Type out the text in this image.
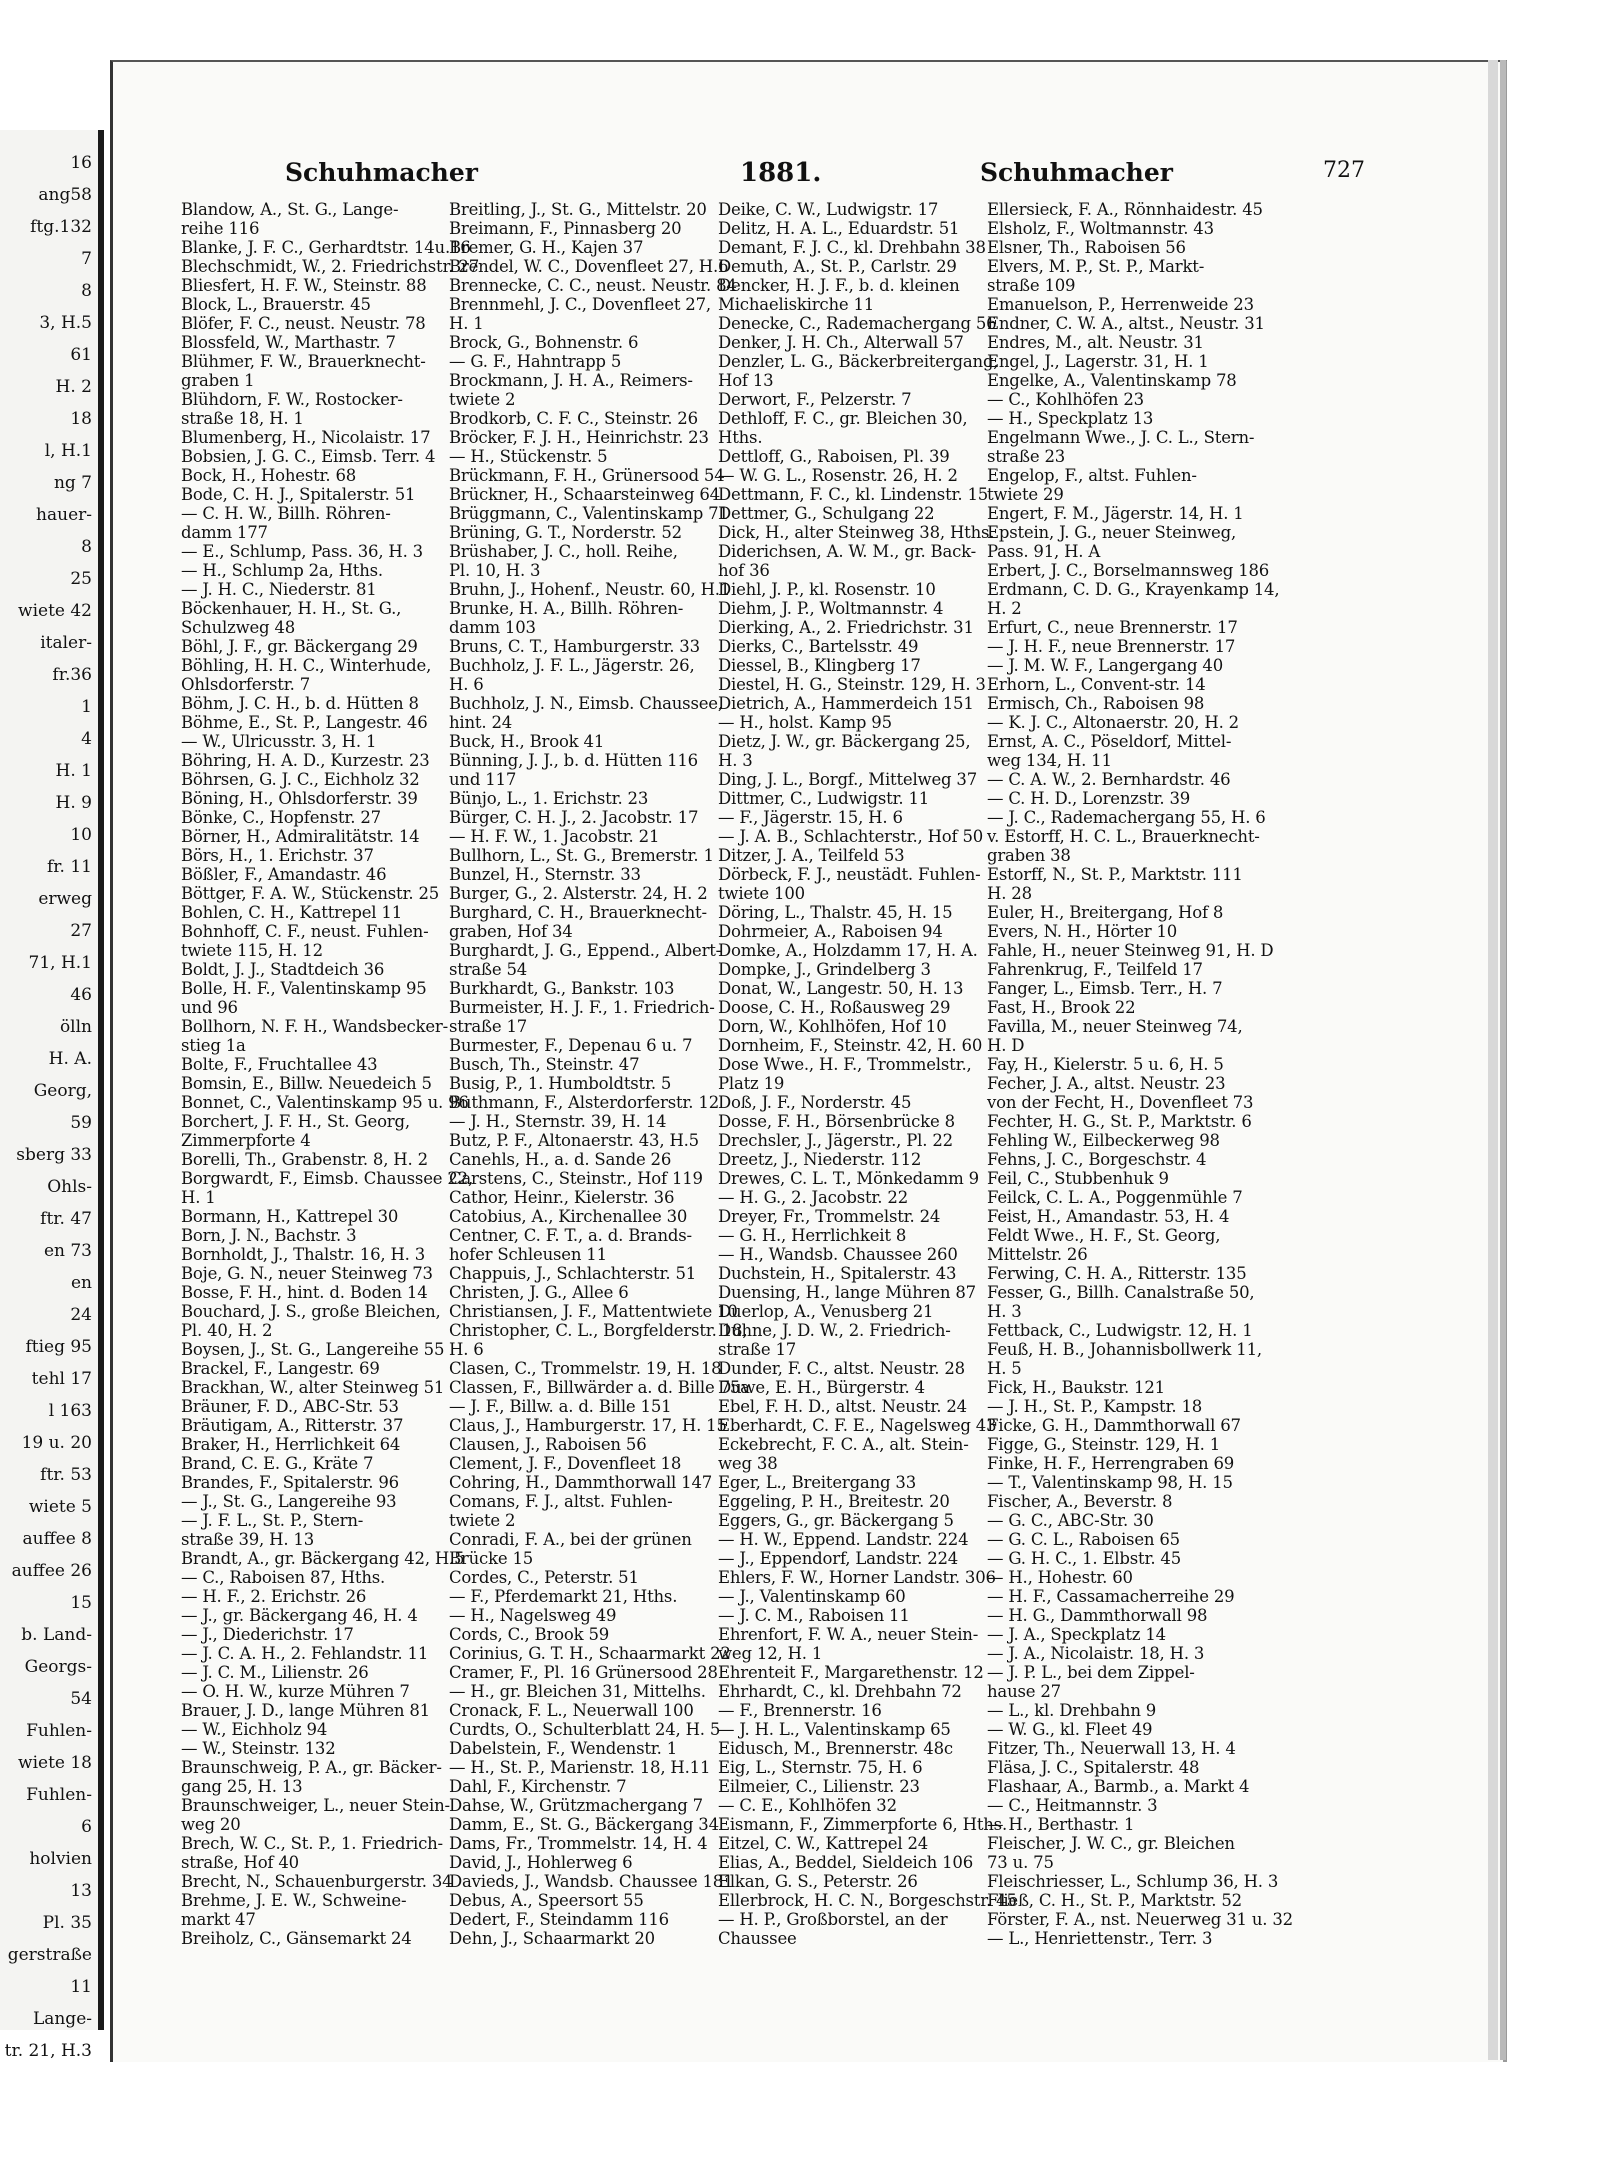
16
ang58
ftg.132
7
8
3, H.5
61
H. 2
18
l, H.1
ng 7
hauer-
8
25
wiete 42
italer-
fr.36
1
4
H. 1
H. 9
10
fr. 11
erweg
27
71, H.1
46
ölln
H. A.
Georg,
59
sberg 33
Ohls-
ftr. 47
en 73
en
24
ftieg 95
tehl 17
l 163
19 u. 20
ftr. 53
wiete 5
auffee 8
auffee 26
15
b. Land-
Georgs-
54
Fuhlen-
wiete 18
Fuhlen-
6
holvien
13
Pl. 35
gerstraße
11
Lange-
tr. 21, H.3
Schuhmacher	1881.	Schuhmacher	727
Blandow, A., St. G., Lange-
reihe 116
Blanke, J. F. C., Gerhardtstr. 14u.16
Blechschmidt, W., 2. Friedrichstr. 27
Bliesfert, H. F. W., Steinstr. 88
Block, L., Brauerstr. 45
Blöfer, F. C., neust. Neustr. 78
Blossfeld, W., Marthastr. 7
Blühmer, F. W., Brauerknecht-
graben 1
Blühdorn, F. W., Rostocker-
straße 18, H. 1
Blumenberg, H., Nicolaistr. 17
Bobsien, J. G. C., Eimsb. Terr. 4
Bock, H., Hohestr. 68
Bode, C. H. J., Spitalerstr. 51
— C. H. W., Billh. Röhren-
damm 177
— E., Schlump, Pass. 36, H. 3
— H., Schlump 2a, Hths.
— J. H. C., Niederstr. 81
Böckenhauer, H. H., St. G.,
Schulzweg 48
Böhl, J. F., gr. Bäckergang 29
Böhling, H. H. C., Winterhude,
Ohlsdorferstr. 7
Böhm, J. C. H., b. d. Hütten 8
Böhme, E., St. P., Langestr. 46
— W., Ulricusstr. 3, H. 1
Böhring, H. A. D., Kurzestr. 23
Böhrsen, G. J. C., Eichholz 32
Böning, H., Ohlsdorferstr. 39
Bönke, C., Hopfenstr. 27
Börner, H., Admiralitätstr. 14
Börs, H., 1. Erichstr. 37
Bößler, F., Amandastr. 46
Böttger, F. A. W., Stückenstr. 25
Bohlen, C. H., Kattrepel 11
Bohnhoff, C. F., neust. Fuhlen-
twiete 115, H. 12
Boldt, J. J., Stadtdeich 36
Bolle, H. F., Valentinskamp 95
und 96
Bollhorn, N. F. H., Wandsbecker-
stieg 1a
Bolte, F., Fruchtallee 43
Bomsin, E., Billw. Neuedeich 5
Bonnet, C., Valentinskamp 95 u. 96
Borchert, J. F. H., St. Georg,
Zimmerpforte 4
Borelli, Th., Grabenstr. 8, H. 2
Borgwardt, F., Eimsb. Chaussee 22,
H. 1
Bormann, H., Kattrepel 30
Born, J. N., Bachstr. 3
Bornholdt, J., Thalstr. 16, H. 3
Boje, G. N., neuer Steinweg 73
Bosse, F. H., hint. d. Boden 14
Bouchard, J. S., große Bleichen,
Pl. 40, H. 2
Boysen, J., St. G., Langereihe 55
Brackel, F., Langestr. 69
Brackhan, W., alter Steinweg 51
Bräuner, F. D., ABC-Str. 53
Bräutigam, A., Ritterstr. 37
Braker, H., Herrlichkeit 64
Brand, C. E. G., Kräte 7
Brandes, F., Spitalerstr. 96
— J., St. G., Langereihe 93
— J. F. L., St. P., Stern-
straße 39, H. 13
Brandt, A., gr. Bäckergang 42, H.5
— C., Raboisen 87, Hths.
— H. F., 2. Erichstr. 26
— J., gr. Bäckergang 46, H. 4
— J., Diederichstr. 17
— J. C. A. H., 2. Fehlandstr. 11
— J. C. M., Lilienstr. 26
— O. H. W., kurze Mühren 7
Brauer, J. D., lange Mühren 81
— W., Eichholz 94
— W., Steinstr. 132
Braunschweig, P. A., gr. Bäcker-
gang 25, H. 13
Braunschweiger, L., neuer Stein-
weg 20
Brech, W. C., St. P., 1. Friedrich-
straße, Hof 40
Brecht, N., Schauenburgerstr. 34
Brehme, J. E. W., Schweine-
markt 47
Breiholz, C., Gänsemarkt 24
Breitling, J., St. G., Mittelstr. 20
Breimann, F., Pinnasberg 20
Bremer, G. H., Kajen 37
Brendel, W. C., Dovenfleet 27, H.6
Brennecke, C. C., neust. Neustr. 84
Brennmehl, J. C., Dovenfleet 27,
H. 1
Brock, G., Bohnenstr. 6
— G. F., Hahntrapp 5
Brockmann, J. H. A., Reimers-
twiete 2
Brodkorb, C. F. C., Steinstr. 26
Bröcker, F. J. H., Heinrichstr. 23
— H., Stückenstr. 5
Brückmann, F. H., Grünersood 54
Brückner, H., Schaarsteinweg 64
Brüggmann, C., Valentinskamp 71
Brüning, G. T., Norderstr. 52
Brüshaber, J. C., holl. Reihe,
Pl. 10, H. 3
Bruhn, J., Hohenf., Neustr. 60, H.1
Brunke, H. A., Billh. Röhren-
damm 103
Bruns, C. T., Hamburgerstr. 33
Buchholz, J. F. L., Jägerstr. 26,
H. 6
Buchholz, J. N., Eimsb. Chaussee,
hint. 24
Buck, H., Brook 41
Bünning, J. J., b. d. Hütten 116
und 117
Bünjo, L., 1. Erichstr. 23
Bürger, C. H. J., 2. Jacobstr. 17
— H. F. W., 1. Jacobstr. 21
Bullhorn, L., St. G., Bremerstr. 1
Bunzel, H., Sternstr. 33
Burger, G., 2. Alsterstr. 24, H. 2
Burghard, C. H., Brauerknecht-
graben, Hof 34
Burghardt, J. G., Eppend., Albert-
straße 54
Burkhardt, G., Bankstr. 103
Burmeister, H. J. F., 1. Friedrich-
straße 17
Burmester, F., Depenau 6 u. 7
Busch, Th., Steinstr. 47
Busig, P., 1. Humboldtstr. 5
Buthmann, F., Alsterdorferstr. 12
— J. H., Sternstr. 39, H. 14
Butz, P. F., Altonaerstr. 43, H.5
Canehls, H., a. d. Sande 26
Carstens, C., Steinstr., Hof 119
Cathor, Heinr., Kielerstr. 36
Catobius, A., Kirchenallee 30
Centner, C. F. T., a. d. Brands-
hofer Schleusen 11
Chappuis, J., Schlachterstr. 51
Christen, J. G., Allee 6
Christiansen, J. F., Mattentwiete 10
Christopher, C. L., Borgfelderstr. 18,
H. 6
Clasen, C., Trommelstr. 19, H. 18
Classen, F., Billwärder a. d. Bille 75a
— J. F., Billw. a. d. Bille 151
Claus, J., Hamburgerstr. 17, H. 15
Clausen, J., Raboisen 56
Clement, J. F., Dovenfleet 18
Cohring, H., Dammthorwall 147
Comans, F. J., altst. Fuhlen-
twiete 2
Conradi, F. A., bei der grünen
Brücke 15
Cordes, C., Peterstr. 51
— F., Pferdemarkt 21, Hths.
— H., Nagelsweg 49
Cords, C., Brook 59
Corinius, G. T. H., Schaarmarkt 22
Cramer, F., Pl. 16 Grünersood 28
— H., gr. Bleichen 31, Mittelhs.
Cronack, F. L., Neuerwall 100
Curdts, O., Schulterblatt 24, H. 5
Dabelstein, F., Wendenstr. 1
— H., St. P., Marienstr. 18, H.11
Dahl, F., Kirchenstr. 7
Dahse, W., Grützmachergang 7
Damm, E., St. G., Bäckergang 34
Dams, Fr., Trommelstr. 14, H. 4
David, J., Hohlerweg 6
Davieds, J., Wandsb. Chaussee 181
Debus, A., Speersort 55
Dedert, F., Steindamm 116
Dehn, J., Schaarmarkt 20
Deike, C. W., Ludwigstr. 17
Delitz, H. A. L., Eduardstr. 51
Demant, F. J. C., kl. Drehbahn 38
Demuth, A., St. P., Carlstr. 29
Dencker, H. J. F., b. d. kleinen
Michaeliskirche 11
Denecke, C., Rademachergang 56
Denker, J. H. Ch., Alterwall 57
Denzler, L. G., Bäckerbreitergang,
Hof 13
Derwort, F., Pelzerstr. 7
Dethloff, F. C., gr. Bleichen 30,
Hths.
Dettloff, G., Raboisen, Pl. 39
— W. G. L., Rosenstr. 26, H. 2
Dettmann, F. C., kl. Lindenstr. 15
Dettmer, G., Schulgang 22
Dick, H., alter Steinweg 38, Hths.
Diderichsen, A. W. M., gr. Back-
hof 36
Diehl, J. P., kl. Rosenstr. 10
Diehm, J. P., Woltmannstr. 4
Dierking, A., 2. Friedrichstr. 31
Dierks, C., Bartelsstr. 49
Diessel, B., Klingberg 17
Diestel, H. G., Steinstr. 129, H. 3
Dietrich, A., Hammerdeich 151
— H., holst. Kamp 95
Dietz, J. W., gr. Bäckergang 25,
H. 3
Ding, J. L., Borgf., Mittelweg 37
Dittmer, C., Ludwigstr. 11
— F., Jägerstr. 15, H. 6
— J. A. B., Schlachterstr., Hof 50
Ditzer, J. A., Teilfeld 53
Dörbeck, F. J., neustädt. Fuhlen-
twiete 100
Döring, L., Thalstr. 45, H. 15
Dohrmeier, A., Raboisen 94
Domke, A., Holzdamm 17, H. A.
Dompke, J., Grindelberg 3
Donat, W., Langestr. 50, H. 13
Doose, C. H., Roßausweg 29
Dorn, W., Kohlhöfen, Hof 10
Dornheim, F., Steinstr. 42, H. 60
Dose Wwe., H. F., Trommelstr.,
Platz 19
Doß, J. F., Norderstr. 45
Dosse, F. H., Börsenbrücke 8
Drechsler, J., Jägerstr., Pl. 22
Dreetz, J., Niederstr. 112
Drewes, C. L. T., Mönkedamm 9
— H. G., 2. Jacobstr. 22
Dreyer, Fr., Trommelstr. 24
— G. H., Herrlichkeit 8
— H., Wandsb. Chaussee 260
Duchstein, H., Spitalerstr. 43
Duensing, H., lange Mühren 87
Duerlop, A., Venusberg 21
Duhne, J. D. W., 2. Friedrich-
straße 17
Dunder, F. C., altst. Neustr. 28
Duwe, E. H., Bürgerstr. 4
Ebel, F. H. D., altst. Neustr. 24
Eberhardt, C. F. E., Nagelsweg 43
Eckebrecht, F. C. A., alt. Stein-
weg 38
Eger, L., Breitergang 33
Eggeling, P. H., Breitestr. 20
Eggers, G., gr. Bäckergang 5
— H. W., Eppend. Landstr. 224
— J., Eppendorf, Landstr. 224
Ehlers, F. W., Horner Landstr. 306
— J., Valentinskamp 60
— J. C. M., Raboisen 11
Ehrenfort, F. W. A., neuer Stein-
weg 12, H. 1
Ehrenteit F., Margarethenstr. 12
Ehrhardt, C., kl. Drehbahn 72
— F., Brennerstr. 16
— J. H. L., Valentinskamp 65
Eidusch, M., Brennerstr. 48c
Eig, L., Sternstr. 75, H. 6
Eilmeier, C., Lilienstr. 23
— C. E., Kohlhöfen 32
Eismann, F., Zimmerpforte 6, Hths.
Eitzel, C. W., Kattrepel 24
Elias, A., Beddel, Sieldeich 106
Elkan, G. S., Peterstr. 26
Ellerbrock, H. C. N., Borgeschstr. 45
— H. P., Großborstel, an der
Chaussee
Ellersieck, F. A., Rönnhaidestr. 45
Elsholz, F., Woltmannstr. 43
Elsner, Th., Raboisen 56
Elvers, M. P., St. P., Markt-
straße 109
Emanuelson, P., Herrenweide 23
Endner, C. W. A., altst., Neustr. 31
Endres, M., alt. Neustr. 31
Engel, J., Lagerstr. 31, H. 1
Engelke, A., Valentinskamp 78
— C., Kohlhöfen 23
— H., Speckplatz 13
Engelmann Wwe., J. C. L., Stern-
straße 23
Engelop, F., altst. Fuhlen-
twiete 29
Engert, F. M., Jägerstr. 14, H. 1
Epstein, J. G., neuer Steinweg,
Pass. 91, H. A
Erbert, J. C., Borselmannsweg 186
Erdmann, C. D. G., Krayenkamp 14,
H. 2
Erfurt, C., neue Brennerstr. 17
— J. H. F., neue Brennerstr. 17
— J. M. W. F., Langergang 40
Erhorn, L., Convent-str. 14
Ermisch, Ch., Raboisen 98
— K. J. C., Altonaerstr. 20, H. 2
Ernst, A. C., Pöseldorf, Mittel-
weg 134, H. 11
— C. A. W., 2. Bernhardstr. 46
— C. H. D., Lorenzstr. 39
— J. C., Rademachergang 55, H. 6
v. Estorff, H. C. L., Brauerknecht-
graben 38
Estorff, N., St. P., Marktstr. 111
H. 28
Euler, H., Breitergang, Hof 8
Evers, N. H., Hörter 10
Fahle, H., neuer Steinweg 91, H. D
Fahrenkrug, F., Teilfeld 17
Fanger, L., Eimsb. Terr., H. 7
Fast, H., Brook 22
Favilla, M., neuer Steinweg 74,
H. D
Fay, H., Kielerstr. 5 u. 6, H. 5
Fecher, J. A., altst. Neustr. 23
von der Fecht, H., Dovenfleet 73
Fechter, H. G., St. P., Marktstr. 6
Fehling W., Eilbeckerweg 98
Fehns, J. C., Borgeschstr. 4
Feil, C., Stubbenhuk 9
Feilck, C. L. A., Poggenmühle 7
Feist, H., Amandastr. 53, H. 4
Feldt Wwe., H. F., St. Georg,
Mittelstr. 26
Ferwing, C. H. A., Ritterstr. 135
Fesser, G., Billh. Canalstraße 50,
H. 3
Fettback, C., Ludwigstr. 12, H. 1
Feuß, H. B., Johannisbollwerk 11,
H. 5
Fick, H., Baukstr. 121
— J. H., St. P., Kampstr. 18
Ficke, G. H., Dammthorwall 67
Figge, G., Steinstr. 129, H. 1
Finke, H. F., Herrengraben 69
— T., Valentinskamp 98, H. 15
Fischer, A., Beverstr. 8
— G. C., ABC-Str. 30
— G. C. L., Raboisen 65
— G. H. C., 1. Elbstr. 45
— H., Hohestr. 60
— H. F., Cassamacherreihe 29
— H. G., Dammthorwall 98
— J. A., Speckplatz 14
— J. A., Nicolaistr. 18, H. 3
— J. P. L., bei dem Zippel-
hause 27
— L., kl. Drehbahn 9
— W. G., kl. Fleet 49
Fitzer, Th., Neuerwall 13, H. 4
Fläsa, J. C., Spitalerstr. 48
Flashaar, A., Barmb., a. Markt 4
— C., Heitmannstr. 3
— H., Berthastr. 1
Fleischer, J. W. C., gr. Bleichen
73 u. 75
Fleischriesser, L., Schlump 36, H. 3
Fließ, C. H., St. P., Marktstr. 52
Förster, F. A., nst. Neuerweg 31 u. 32
— L., Henriettenstr., Terr. 3
